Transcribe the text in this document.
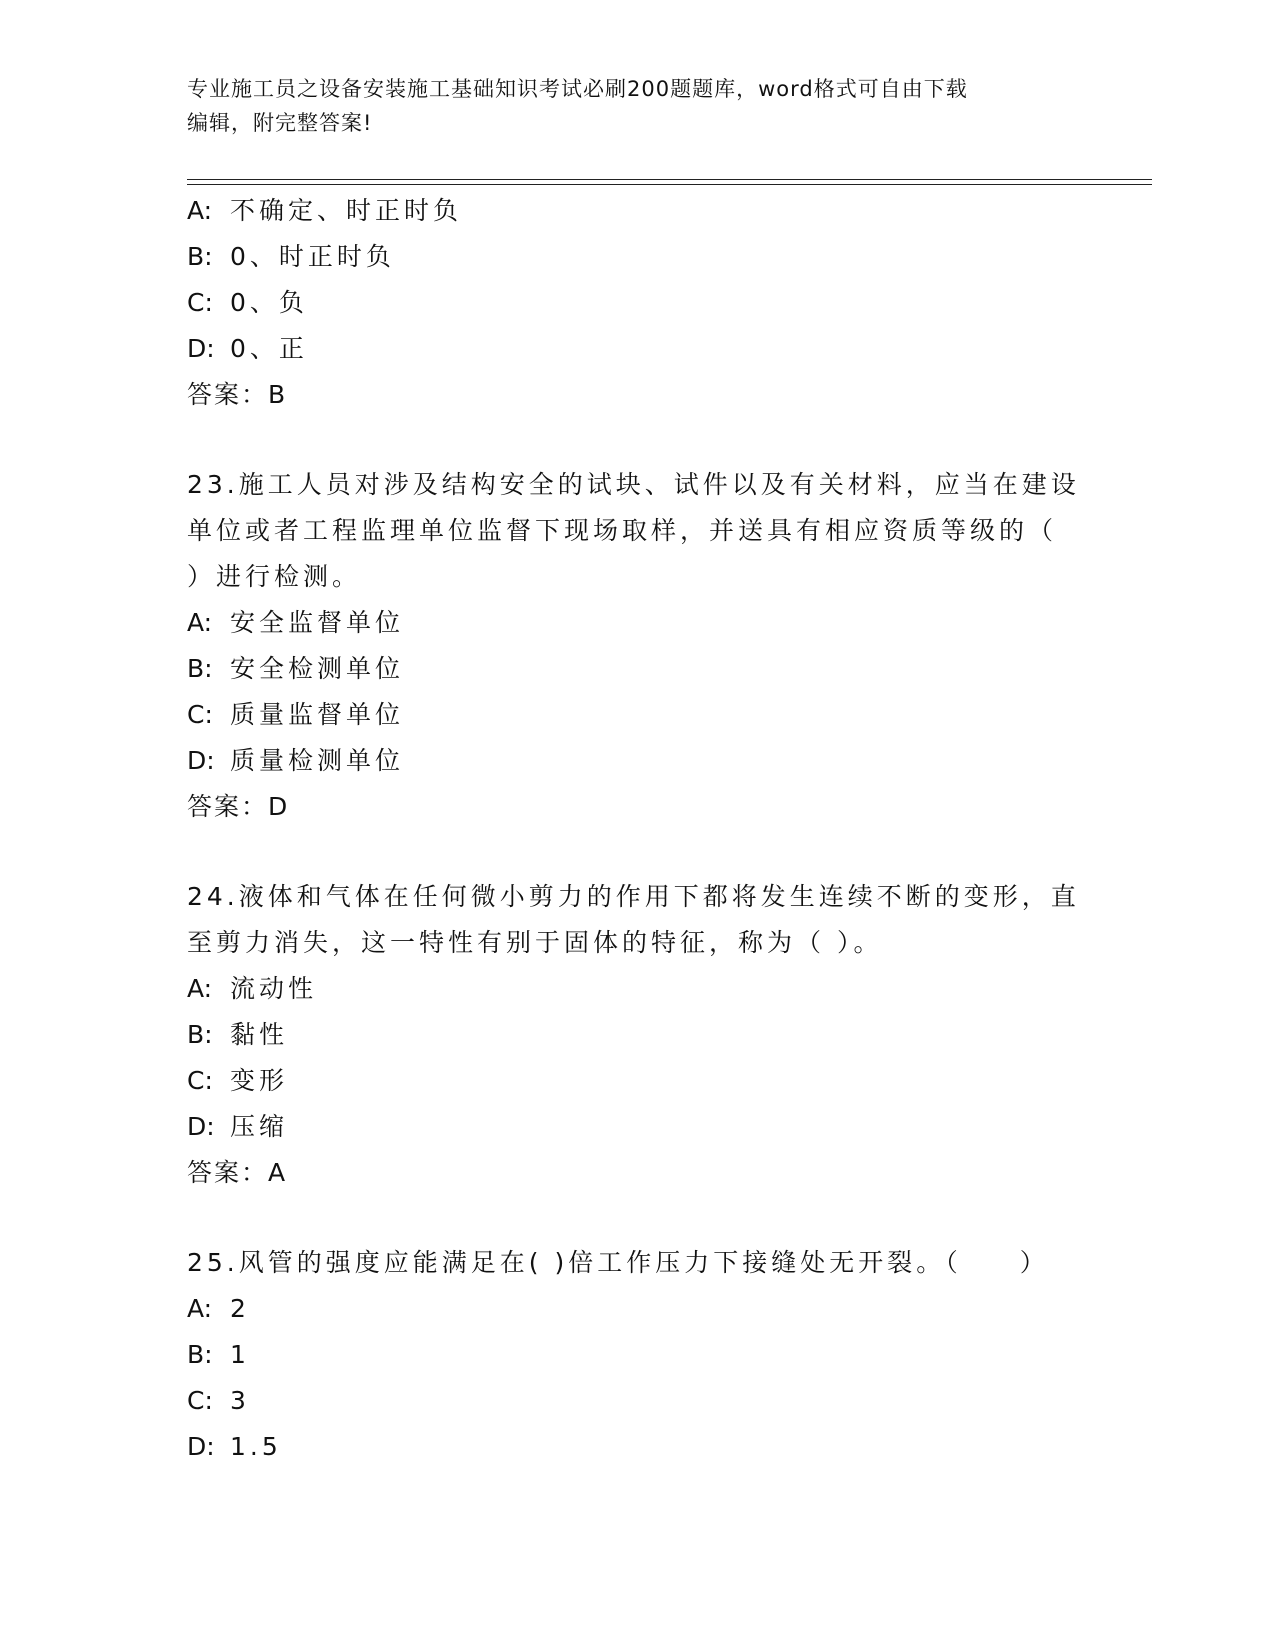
专业施工员之设备安装施工基础知识考试必刷200题题库，word格式可自由下载
编辑，附完整答案!
A: 不确定、时正时负
B: 0、时正时负
C: 0、负
D: 0、正
答案：B
23.施工人员对涉及结构安全的试块、试件以及有关材料，应当在建设
单位或者工程监理单位监督下现场取样，并送具有相应资质等级的（
）进行检测。
A: 安全监督单位
B: 安全检测单位
C: 质量监督单位
D: 质量检测单位
答案：D
24.液体和气体在任何微小剪力的作用下都将发生连续不断的变形，直
至剪力消失，这一特性有别于固体的特征，称为（ ）。
A: 流动性
B: 黏性
C: 变形
D: 压缩
答案：A
25.风管的强度应能满足在( )倍工作压力下接缝处无开裂。（　　）
A: 2
B: 1
C: 3
D: 1.5
